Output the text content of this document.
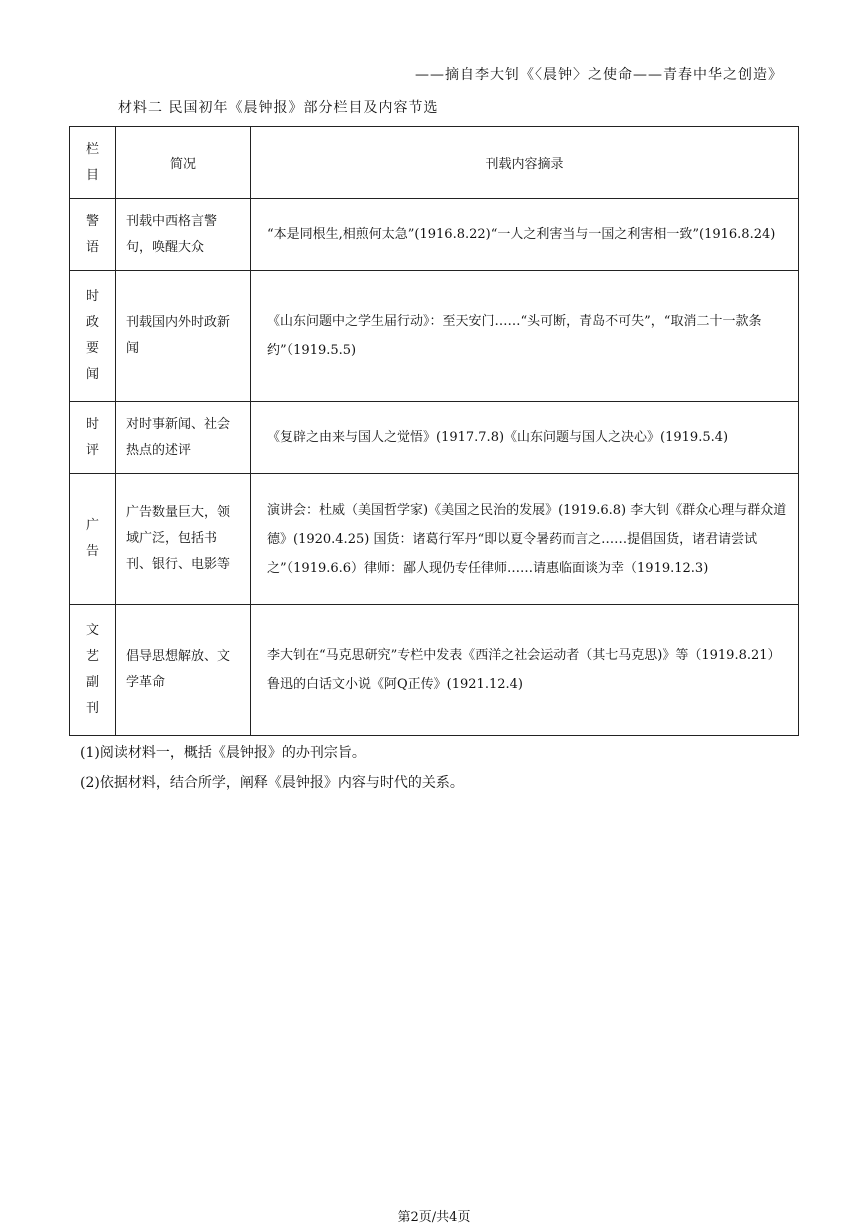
——摘自李大钊《〈晨钟〉之使命——青春中华之创造》
材料二 民国初年《晨钟报》部分栏目及内容节选
栏
目	简况	刊载内容摘录

警
语	刊载中西格言警句，唤醒大众	“本是同根生,相煎何太急”(1916.8.22)“一人之利害当与一国之利害相一致”(1916.8.24)

时
政
要
闻	刊载国内外时政新闻	《山东问题中之学生届行动》：至天安门……“头可断，青岛不可失”，“取消二十一款条约”（1919.5.5)

时
评	对时事新闻、社会热点的述评	《复辟之由来与国人之觉悟》(1917.7.8)《山东问题与国人之决心》(1919.5.4)

广
告	广告数量巨大，领域广泛，包括书刊、银行、电影等	演讲会：杜威（美国哲学家)《美国之民治的发展》(1919.6.8) 李大钊《群众心理与群众道德》(1920.4.25) 国货：诸葛行军丹“即以夏令暑药而言之……提倡国货，诸君请尝试之”（1919.6.6）律师：鄙人现仍专任律师……请惠临面谈为幸（1919.12.3)

文
艺
副
刊	倡导思想解放、文学革命	李大钊在“马克思研究”专栏中发表《西洋之社会运动者（其七马克思)》等（1919.8.21）鲁迅的白话文小说《阿Q正传》(1921.12.4)
(1)阅读材料一，概括《晨钟报》的办刊宗旨。
(2)依据材料，结合所学，阐释《晨钟报》内容与时代的关系。
第2页/共4页
